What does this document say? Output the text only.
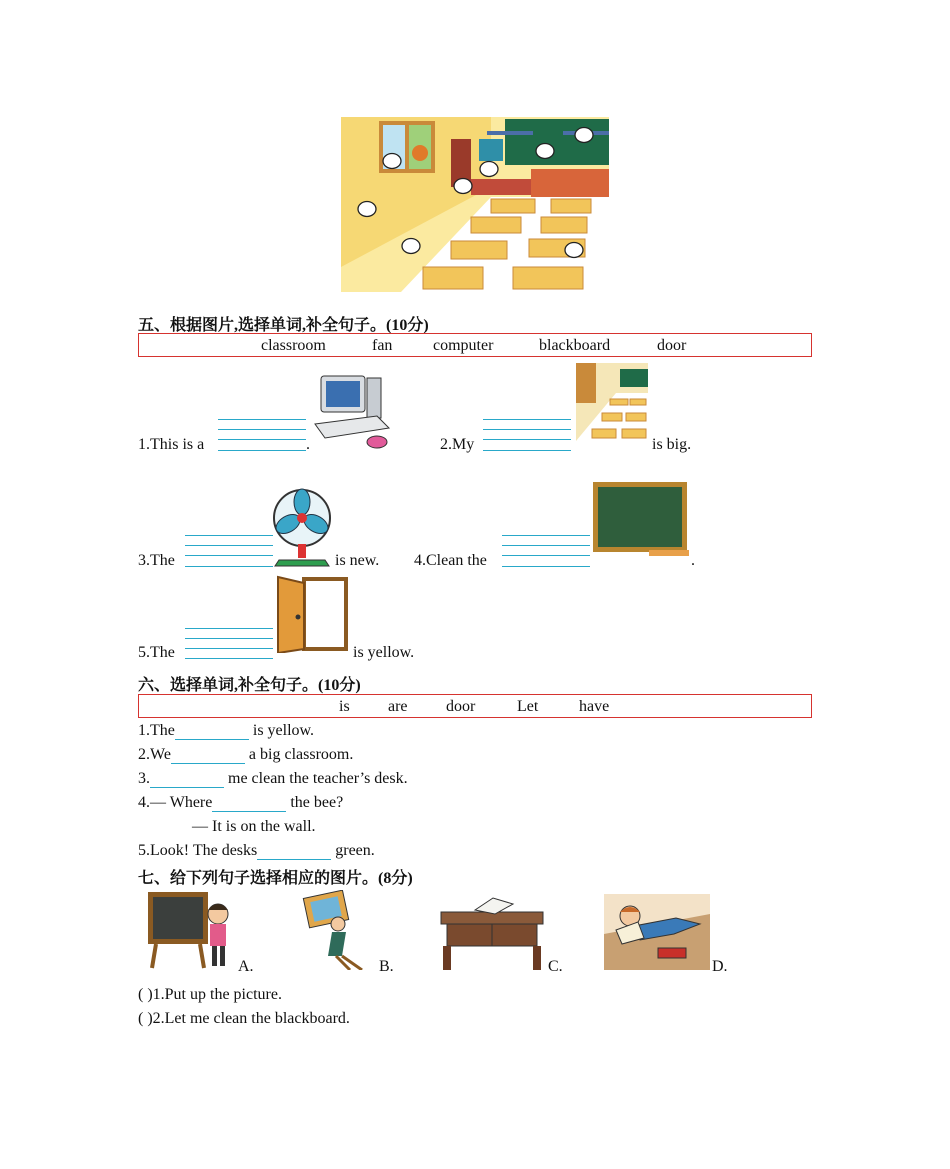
五、根据图片,选择单词,补全句子。(10分)
classroom	fan	computer	blackboard	door
1.This is a	.	2.My	is big.
3.The	is new. 4.Clean the	.
5.The	is yellow.
六、选择单词,补全句子。(10分)
is are door	Let	have
1.The	is yellow.
2.We	a big classroom.
3.	me clean the teacher’s desk.
4.— Where	the bee?
— It is on the wall.
5.Look! The desks	green.
七、给下列句子选择相应的图片。(8分)
A.	B.	C.	D.
( )1.Put up the picture.
( )2.Let me clean the blackboard.
